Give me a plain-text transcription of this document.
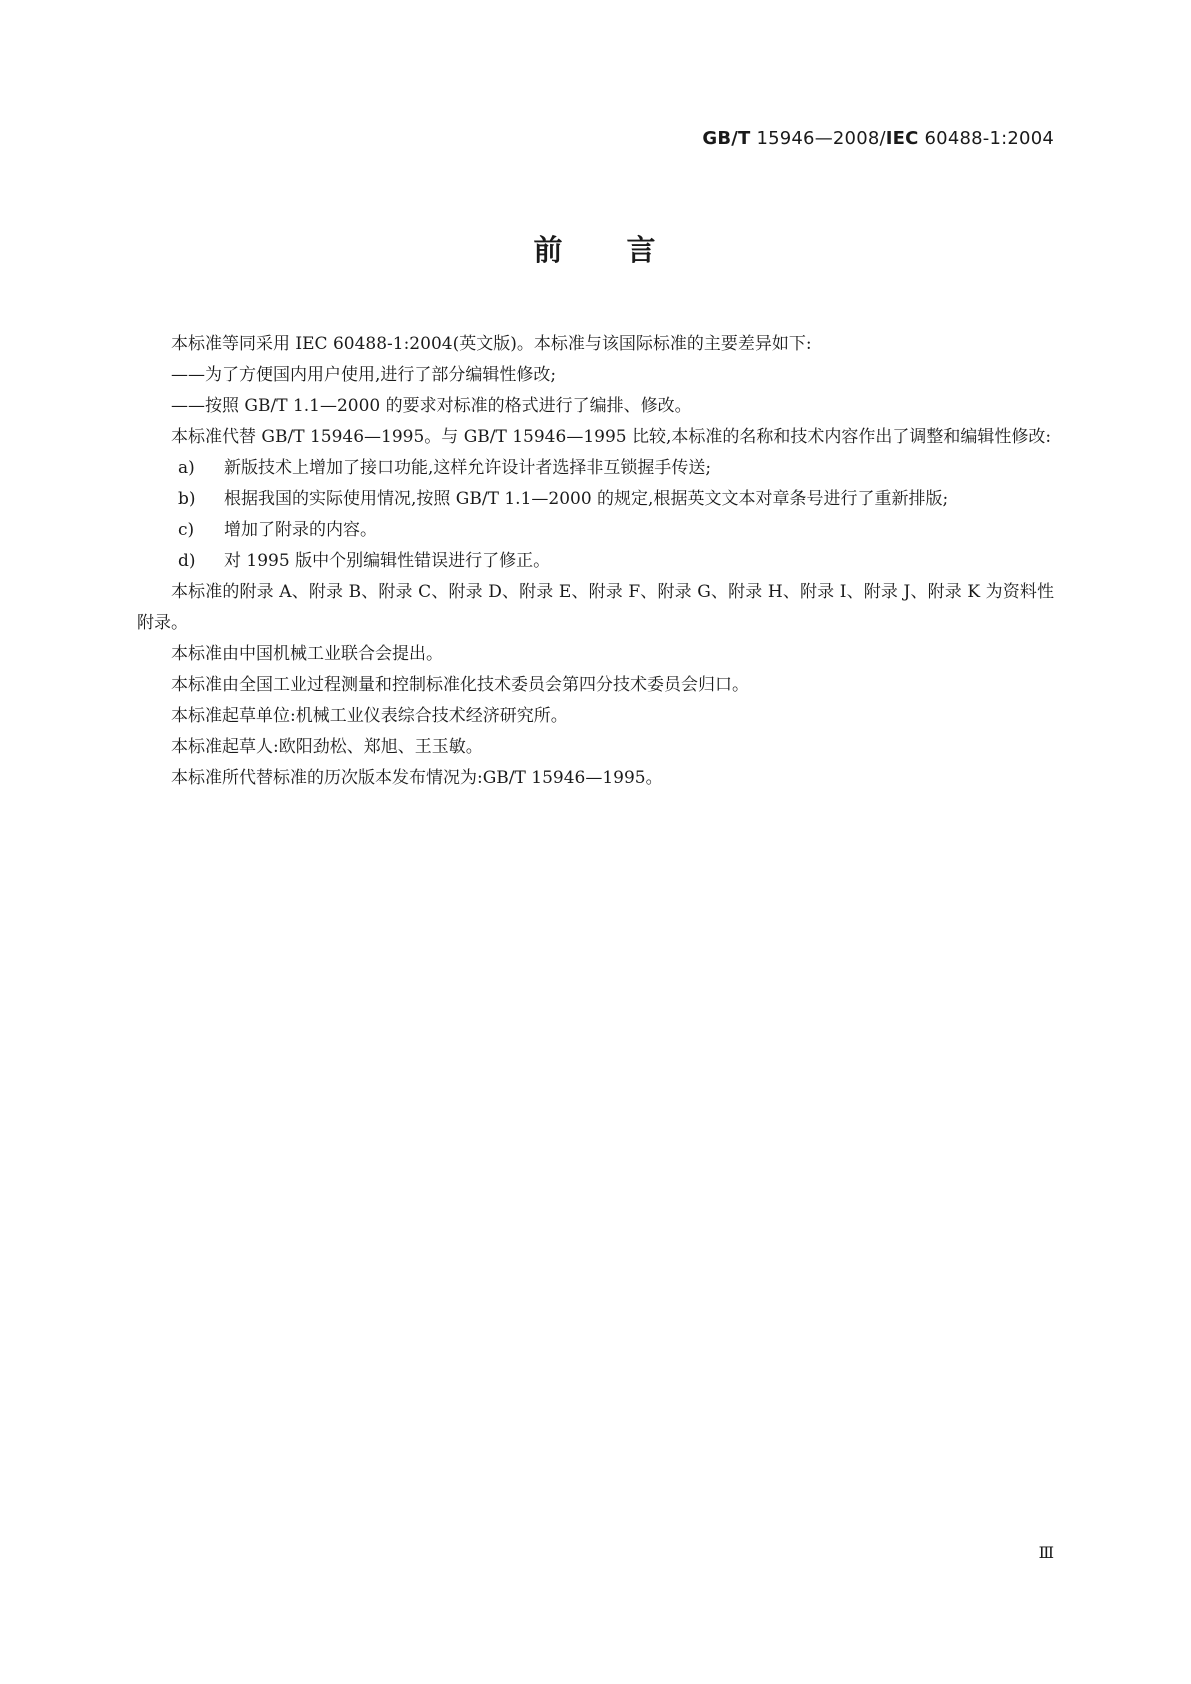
GB/T 15946—2008/IEC 60488-1:2004
前 言
本标准等同采用 IEC 60488-1:2004(英文版)。本标准与该国际标准的主要差异如下:
——为了方便国内用户使用,进行了部分编辑性修改;
——按照 GB/T 1.1—2000 的要求对标准的格式进行了编排、修改。
本标准代替 GB/T 15946—1995。与 GB/T 15946—1995 比较,本标准的名称和技术内容作出了调整和编辑性修改:
a) 新版技术上增加了接口功能,这样允许设计者选择非互锁握手传送;
b) 根据我国的实际使用情况,按照 GB/T 1.1—2000 的规定,根据英文文本对章条号进行了重新排版;
c) 增加了附录的内容。
d) 对 1995 版中个别编辑性错误进行了修正。
本标准的附录 A、附录 B、附录 C、附录 D、附录 E、附录 F、附录 G、附录 H、附录 I、附录 J、附录 K 为资料性附录。
本标准由中国机械工业联合会提出。
本标准由全国工业过程测量和控制标准化技术委员会第四分技术委员会归口。
本标准起草单位:机械工业仪表综合技术经济研究所。
本标准起草人:欧阳劲松、郑旭、王玉敏。
本标准所代替标准的历次版本发布情况为:GB/T 15946—1995。
Ⅲ
